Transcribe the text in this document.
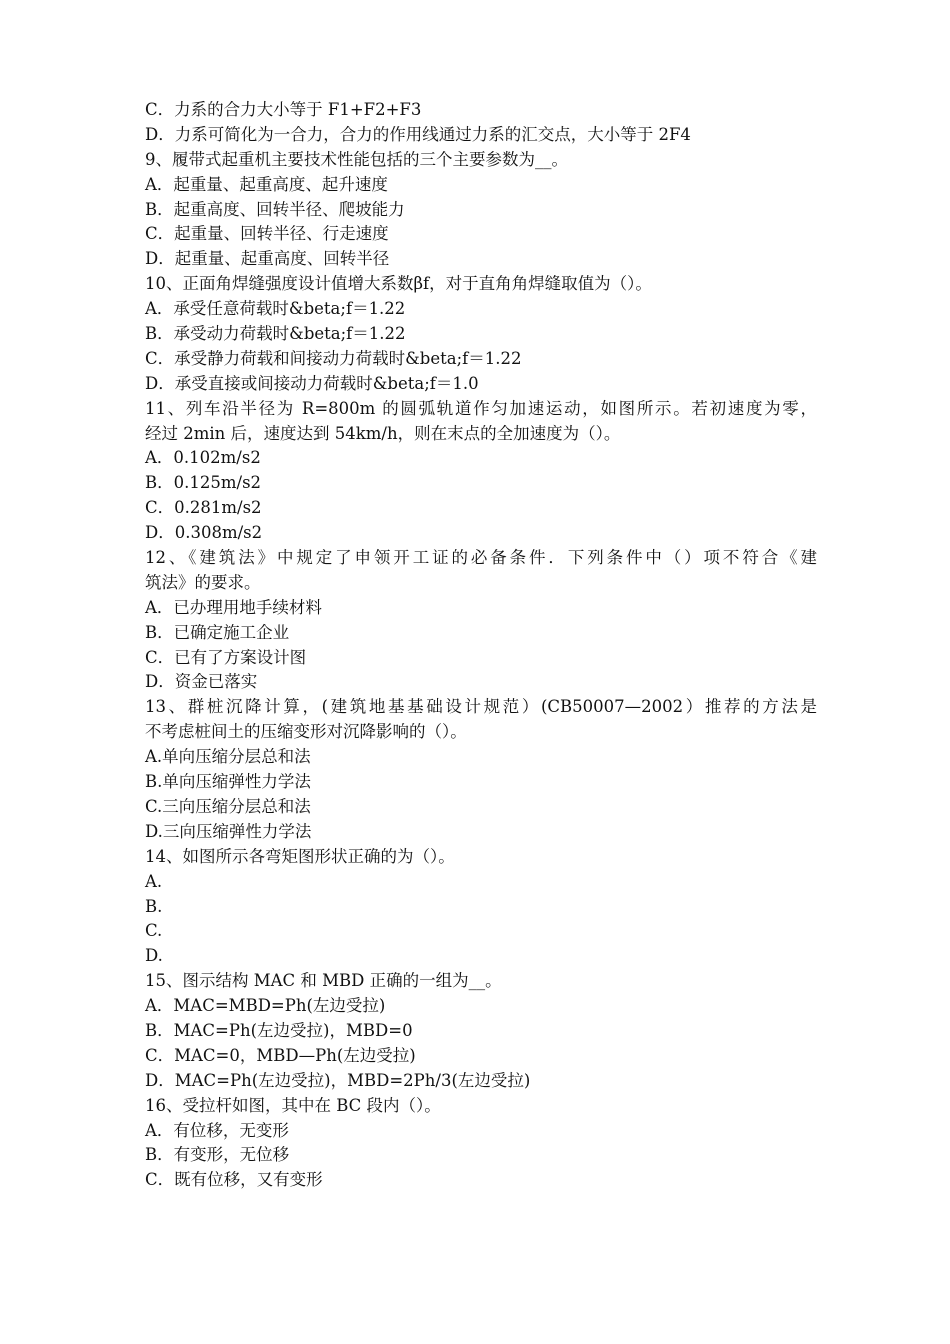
C．力系的合力大小等于 F1+F2+F3
D．力系可简化为一合力，合力的作用线通过力系的汇交点，大小等于 2F4
9、履带式起重机主要技术性能包括的三个主要参数为__。
A．起重量、起重高度、起升速度
B．起重高度、回转半径、爬坡能力
C．起重量、回转半径、行走速度
D．起重量、起重高度、回转半径
10、正面角焊缝强度设计值增大系数βf，对于直角角焊缝取值为（）。
A．承受任意荷载时&beta;f＝1.22
B．承受动力荷载时&beta;f＝1.22
C．承受静力荷载和间接动力荷载时&beta;f＝1.22
D．承受直接或间接动力荷载时&beta;f＝1.0
11、列车沿半径为 R=800m 的圆弧轨道作匀加速运动，如图所示。若初速度为零，
经过 2min 后，速度达到 54km/h，则在末点的全加速度为（）。
A．0.102m/s2
B．0.125m/s2
C．0.281m/s2
D．0.308m/s2
12、《建筑法》中规定了申领开工证的必备条件．下列条件中（）项不符合《建
筑法》的要求。
A．已办理用地手续材料
B．已确定施工企业
C．已有了方案设计图
D．资金已落实
13、群桩沉降计算，(建筑地基基础设计规范）(CB50007—2002）推荐的方法是
不考虑桩间土的压缩变形对沉降影响的（）。
A.单向压缩分层总和法
B.单向压缩弹性力学法
C.三向压缩分层总和法
D.三向压缩弹性力学法
14、如图所示各弯矩图形状正确的为（）。
A.
B.
C.
D.
15、图示结构 MAC 和 MBD 正确的一组为__。
A．MAC=MBD=Ph(左边受拉)
B．MAC=Ph(左边受拉)，MBD=0
C．MAC=0，MBD—Ph(左边受拉)
D．MAC=Ph(左边受拉)，MBD=2Ph/3(左边受拉)
16、受拉杆如图，其中在 BC 段内（）。
A．有位移，无变形
B．有变形，无位移
C．既有位移，又有变形
